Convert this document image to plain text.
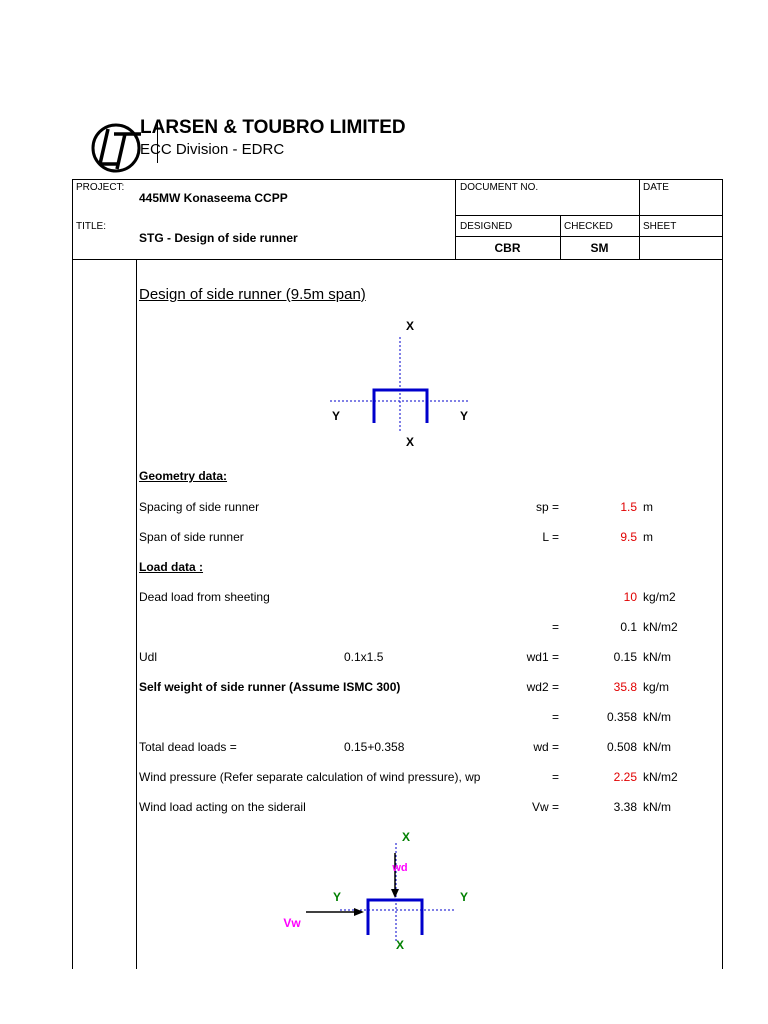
LARSEN & TOUBRO LIMITED
ECC Division - EDRC
PROJECT:
445MW Konaseema CCPP
TITLE:
STG - Design of side runner
DOCUMENT NO.	DATE
DESIGNED	CHECKED	SHEET
CBR	SM
Design of side runner (9.5m span)
X
X
Y	Y
Geometry data:
Spacing of side runner	sp =	1.5 m
Span of side runner	L =	9.5 m
Load data :
Dead load from sheeting	10 kg/m2
=	0.1 kN/m2
Udl	0.1x1.5	wd1 =	0.15 kN/m
Self weight of side runner (Assume ISMC 300)	wd2 =	35.8 kg/m
=	0.358 kN/m
Total dead loads =	0.15+0.358	wd =	0.508 kN/m
Wind pressure (Refer separate calculation of wind pressure), wp	=	2.25 kN/m2
Wind load acting on the siderail	Vw =	3.38 kN/m
X
wd
Y	Y
Vw
X
